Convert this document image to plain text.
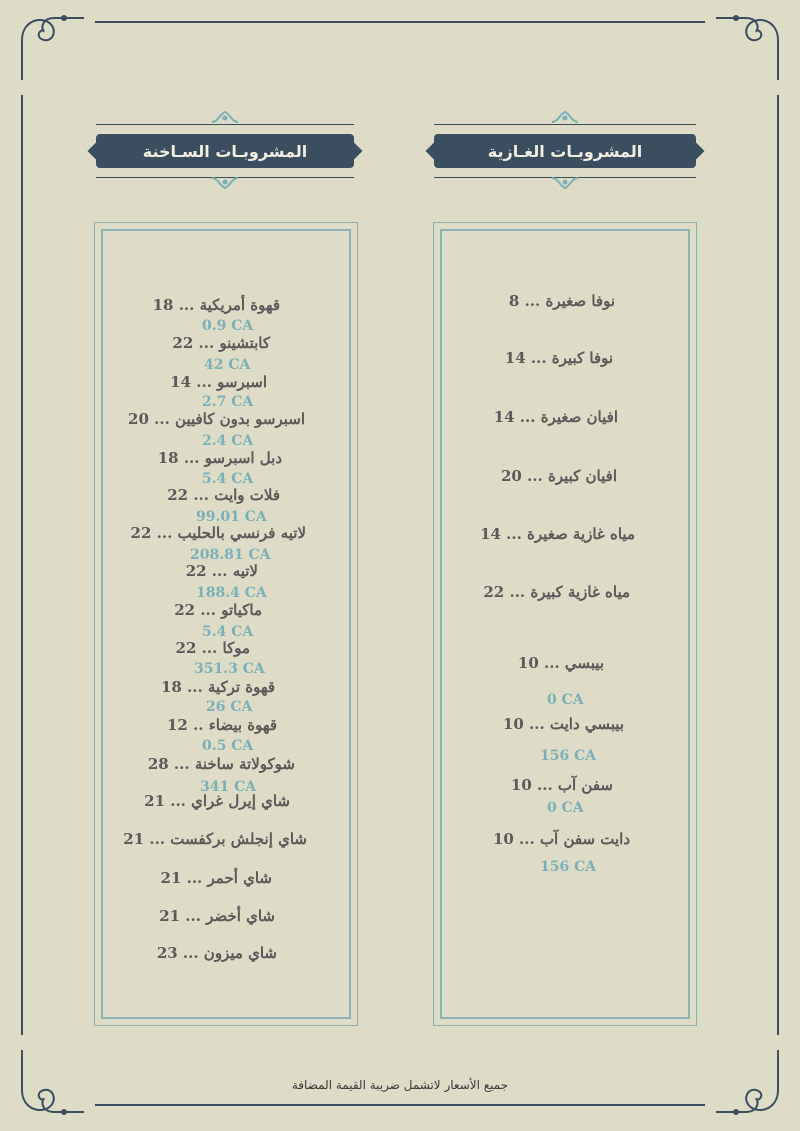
المشروبـات السـاخنة	المشروبـات الغـازية
قهوة أمريكية ... 18
0.9 CA
كابتشينو ... 22
42 CA
اسبرسو ... 14
2.7 CA
اسبرسو بدون كافيين ... 20
2.4 CA
دبل اسبرسو ... 18
5.4 CA
فلات وايت ... 22
99.01 CA
لاتيه فرنسي بالحليب ... 22
208.81 CA
لاتيه ... 22
188.4 CA
ماكياتو ... 22
5.4 CA
موكا ... 22
351.3 CA
قهوة تركية ... 18
26 CA
قهوة بيضاء .. 12
0.5 CA
شوكولاتة ساخنة ... 28
341 CA
شاي إيرل غراي ... 21
شاي إنجلش بركفست ... 21
شاي أحمر ... 21
شاي أخضر ... 21
شاي ميزون ... 23
نوفا صغيرة ... 8
نوفا كبيرة ... 14
افيان صغيرة ... 14
افيان كبيرة ... 20
مياه غازية صغيرة ... 14
مياه غازية كبيرة ... 22
بيبسي ... 10
0 CA
بيبسي دايت ... 10
156 CA
سفن آب ... 10
0 CA
دايت سفن آب ... 10
156 CA
جميع الأسعار لاتشمل ضريبة القيمة المضافة
